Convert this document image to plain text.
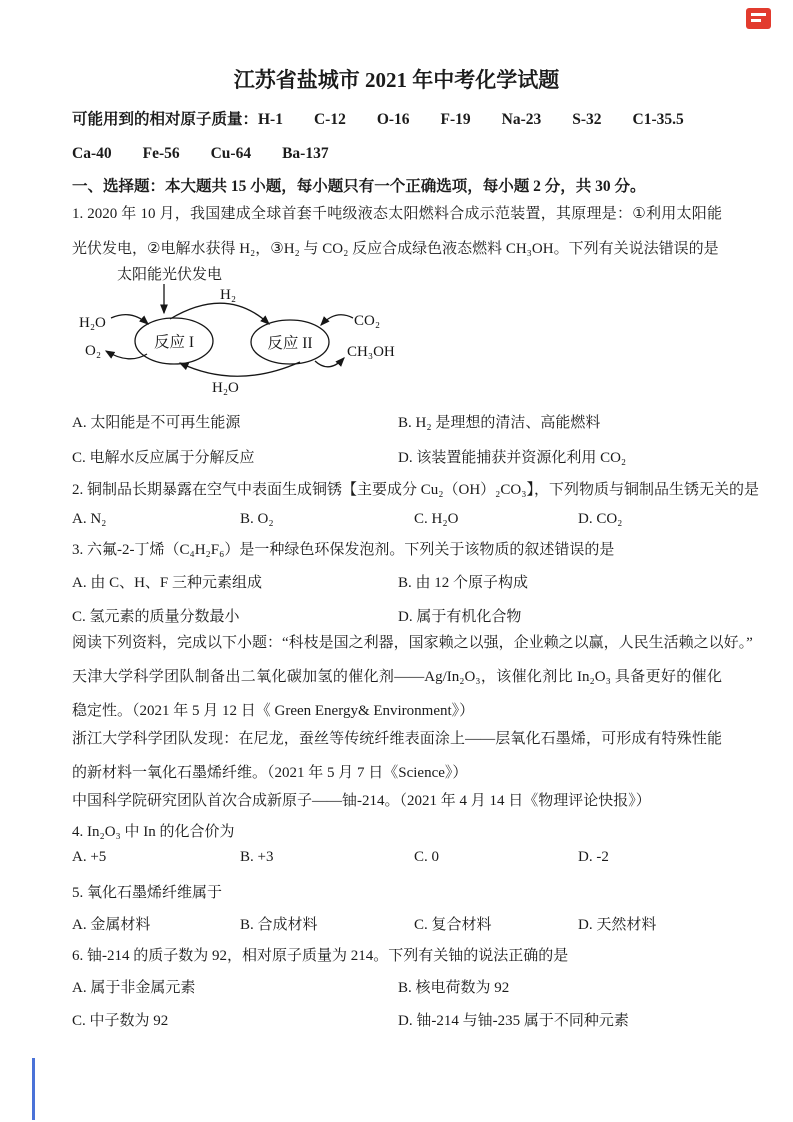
江苏省盐城市 2021 年中考化学试题
可能用到的相对原子质量：H-1　　C-12　　O-16　　F-19　　Na-23　　S-32　　C1-35.5
Ca-40　　Fe-56　　Cu-64　　Ba-137
一、选择题：本大题共 15 小题，每小题只有一个正确选项，每小题 2 分，共 30 分。
1. 2020 年 10 月，我国建成全球首套千吨级液态太阳燃料合成示范装置，其原理是：①利用太阳能光伏发电，②电解水获得 H₂，③H₂ 与 CO₂ 反应合成绿色液态燃料 CH₃OH。下列有关说法错误的是
太阳能光伏发电
反应 I	反应 II
H₂O
O₂
H₂
CO₂
CH₃OH
H₂O
A. 太阳能是不可再生能源	B. H₂ 是理想的清洁、高能燃料
C. 电解水反应属于分解反应	D. 该装置能捕获并资源化利用 CO₂
2. 铜制品长期暴露在空气中表面生成铜锈【主要成分 Cu₂（OH）₂CO₃】，下列物质与铜制品生锈无关的是
A. N₂	B. O₂	C. H₂O	D. CO₂
3. 六氟-2-丁烯（C₄H₂F₆）是一种绿色环保发泡剂。下列关于该物质的叙述错误的是
A. 由 C、H、F 三种元素组成	B. 由 12 个原子构成
C. 氢元素的质量分数最小	D. 属于有机化合物
阅读下列资料，完成以下小题：“科枝是国之利器，国家赖之以强，企业赖之以赢，人民生活赖之以好。”
天津大学科学团队制备出二氧化碳加氢的催化剂——Ag/In₂O₃，该催化剂比 In₂O₃ 具备更好的催化稳定性。（2021 年 5 月 12 日《 Green Energy& Environment》）
浙江大学科学团队发现：在尼龙，蚕丝等传统纤维表面涂上——层氧化石墨烯，可形成有特殊性能的新材料一氧化石墨烯纤维。（2021 年 5 月 7 日《Science》）
中国科学院研究团队首次合成新原子——铀-214。（2021 年 4 月 14 日《物理评论快报》）
4. In₂O₃ 中 In 的化合价为
A. +5	B. +3	C. 0	D. -2
5. 氧化石墨烯纤维属于
A. 金属材料	B. 合成材料	C. 复合材料	D. 天然材料
6. 铀-214 的质子数为 92，相对原子质量为 214。下列有关铀的说法正确的是
A. 属于非金属元素	B. 核电荷数为 92
C. 中子数为 92	D. 铀-214 与铀-235 属于不同种元素
